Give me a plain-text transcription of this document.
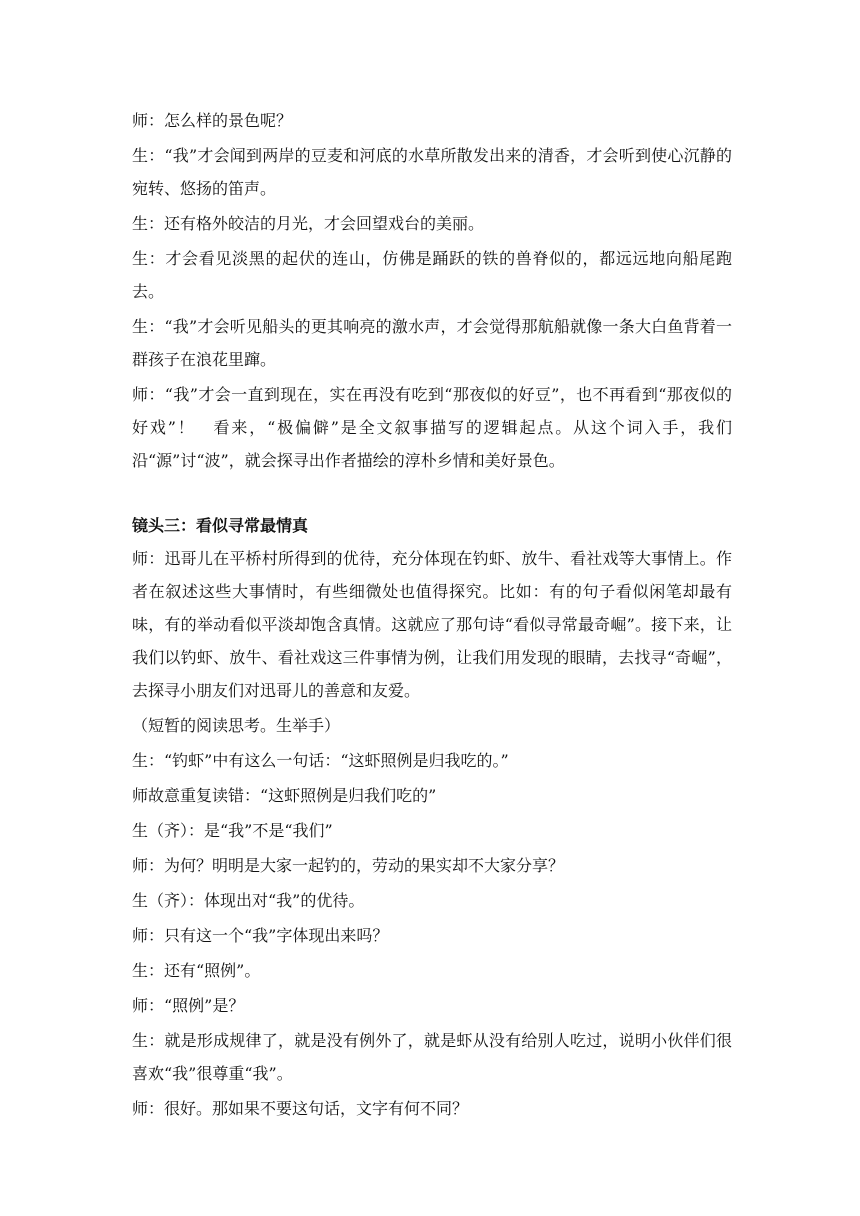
师：怎么样的景色呢？

生：“我”才会闻到两岸的豆麦和河底的水草所散发出来的清香，才会听到使心沉静的宛转、悠扬的笛声。

生：还有格外皎洁的月光，才会回望戏台的美丽。

生：才会看见淡黑的起伏的连山，仿佛是踊跃的铁的兽脊似的，都远远地向船尾跑去。

生：“我”才会听见船头的更其响亮的激水声，才会觉得那航船就像一条大白鱼背着一群孩子在浪花里蹿。

师：“我”才会一直到现在，实在再没有吃到“那夜似的好豆”，也不再看到“那夜似的好戏”！　看来，“极偏僻”是全文叙事描写的逻辑起点。从这个词入手，我们沿“源”讨“波”，就会探寻出作者描绘的淳朴乡情和美好景色。

镜头三：看似寻常最情真

师：迅哥儿在平桥村所得到的优待，充分体现在钓虾、放牛、看社戏等大事情上。作者在叙述这些大事情时，有些细微处也值得探究。比如：有的句子看似闲笔却最有味，有的举动看似平淡却饱含真情。这就应了那句诗“看似寻常最奇崛”。接下来，让我们以钓虾、放牛、看社戏这三件事情为例，让我们用发现的眼睛，去找寻“奇崛”，去探寻小朋友们对迅哥儿的善意和友爱。

（短暂的阅读思考。生举手）

生：“钓虾”中有这么一句话：“这虾照例是归我吃的。”

师故意重复读错：“这虾照例是归我们吃的”

生（齐）：是“我”不是“我们”

师：为何？明明是大家一起钓的，劳动的果实却不大家分享？

生（齐）：体现出对“我”的优待。

师：只有这一个“我”字体现出来吗？

生：还有“照例”。

师：“照例”是？

生：就是形成规律了，就是没有例外了，就是虾从没有给别人吃过，说明小伙伴们很喜欢“我”很尊重“我”。

师：很好。那如果不要这句话，文字有何不同？
